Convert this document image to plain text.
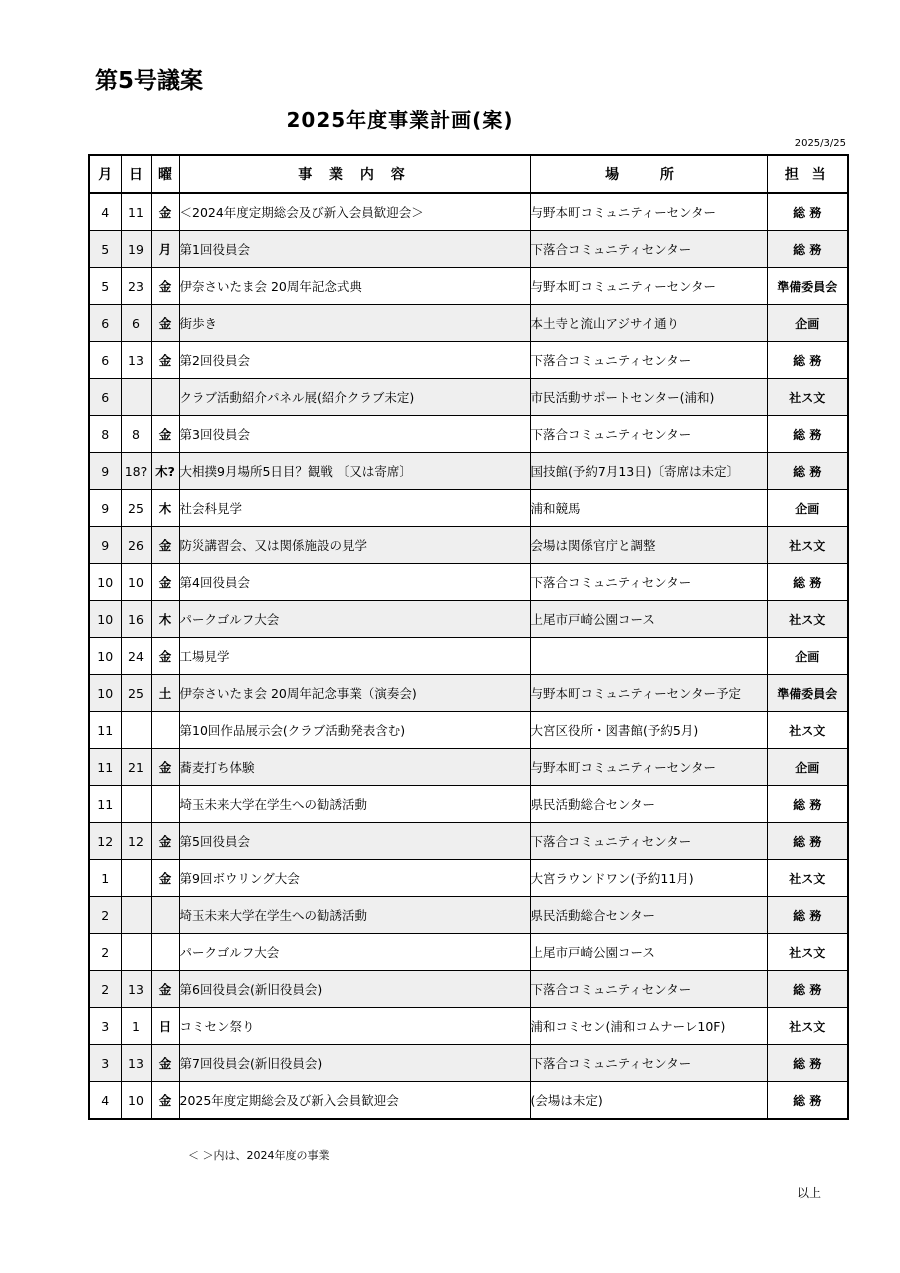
第5号議案
2025年度事業計画(案)
2025/3/25
月	日	曜	事 業 内 容	場 所	担 当
4	11	金	＜2024年度定期総会及び新入会員歓迎会＞	与野本町コミュニティーセンター	総 務
5	19	月	第1回役員会	下落合コミュニティセンター	総 務
5	23	金	伊奈さいたま会 20周年記念式典	与野本町コミュニティーセンター	準備委員会
6	6	金	街歩き	本土寺と流山アジサイ通り	企画
6	13	金	第2回役員会	下落合コミュニティセンター	総 務
6			クラブ活動紹介パネル展(紹介クラブ未定)	市民活動サポートセンター(浦和)	社ス文
8	8	金	第3回役員会	下落合コミュニティセンター	総 務
9	18?	木?	大相撲9月場所5日目？観戦 〔又は寄席〕	国技館(予約7月13日)〔寄席は未定〕	総 務
9	25	木	社会科見学	浦和競馬	企画
9	26	金	防災講習会、又は関係施設の見学	会場は関係官庁と調整	社ス文
10	10	金	第4回役員会	下落合コミュニティセンター	総 務
10	16	木	パークゴルフ大会	上尾市戸崎公園コース	社ス文
10	24	金	工場見学		企画
10	25	土	伊奈さいたま会 20周年記念事業（演奏会)	与野本町コミュニティーセンター予定	準備委員会
11			第10回作品展示会(クラブ活動発表含む)	大宮区役所・図書館(予約5月)	社ス文
11	21	金	蕎麦打ち体験	与野本町コミュニティーセンター	企画
11			埼玉未来大学在学生への勧誘活動	県民活動総合センター	総 務
12	12	金	第5回役員会	下落合コミュニティセンター	総 務
1		金	第9回ボウリング大会	大宮ラウンドワン(予約11月)	社ス文
2			埼玉未来大学在学生への勧誘活動	県民活動総合センター	総 務
2			パークゴルフ大会	上尾市戸崎公園コース	社ス文
2	13	金	第6回役員会(新旧役員会)	下落合コミュニティセンター	総 務
3	1	日	コミセン祭り	浦和コミセン(浦和コムナーレ10F)	社ス文
3	13	金	第7回役員会(新旧役員会)	下落合コミュニティセンター	総 務
4	10	金	2025年度定期総会及び新入会員歓迎会	(会場は未定)	総 務
＜ ＞内は、2024年度の事業
以上
